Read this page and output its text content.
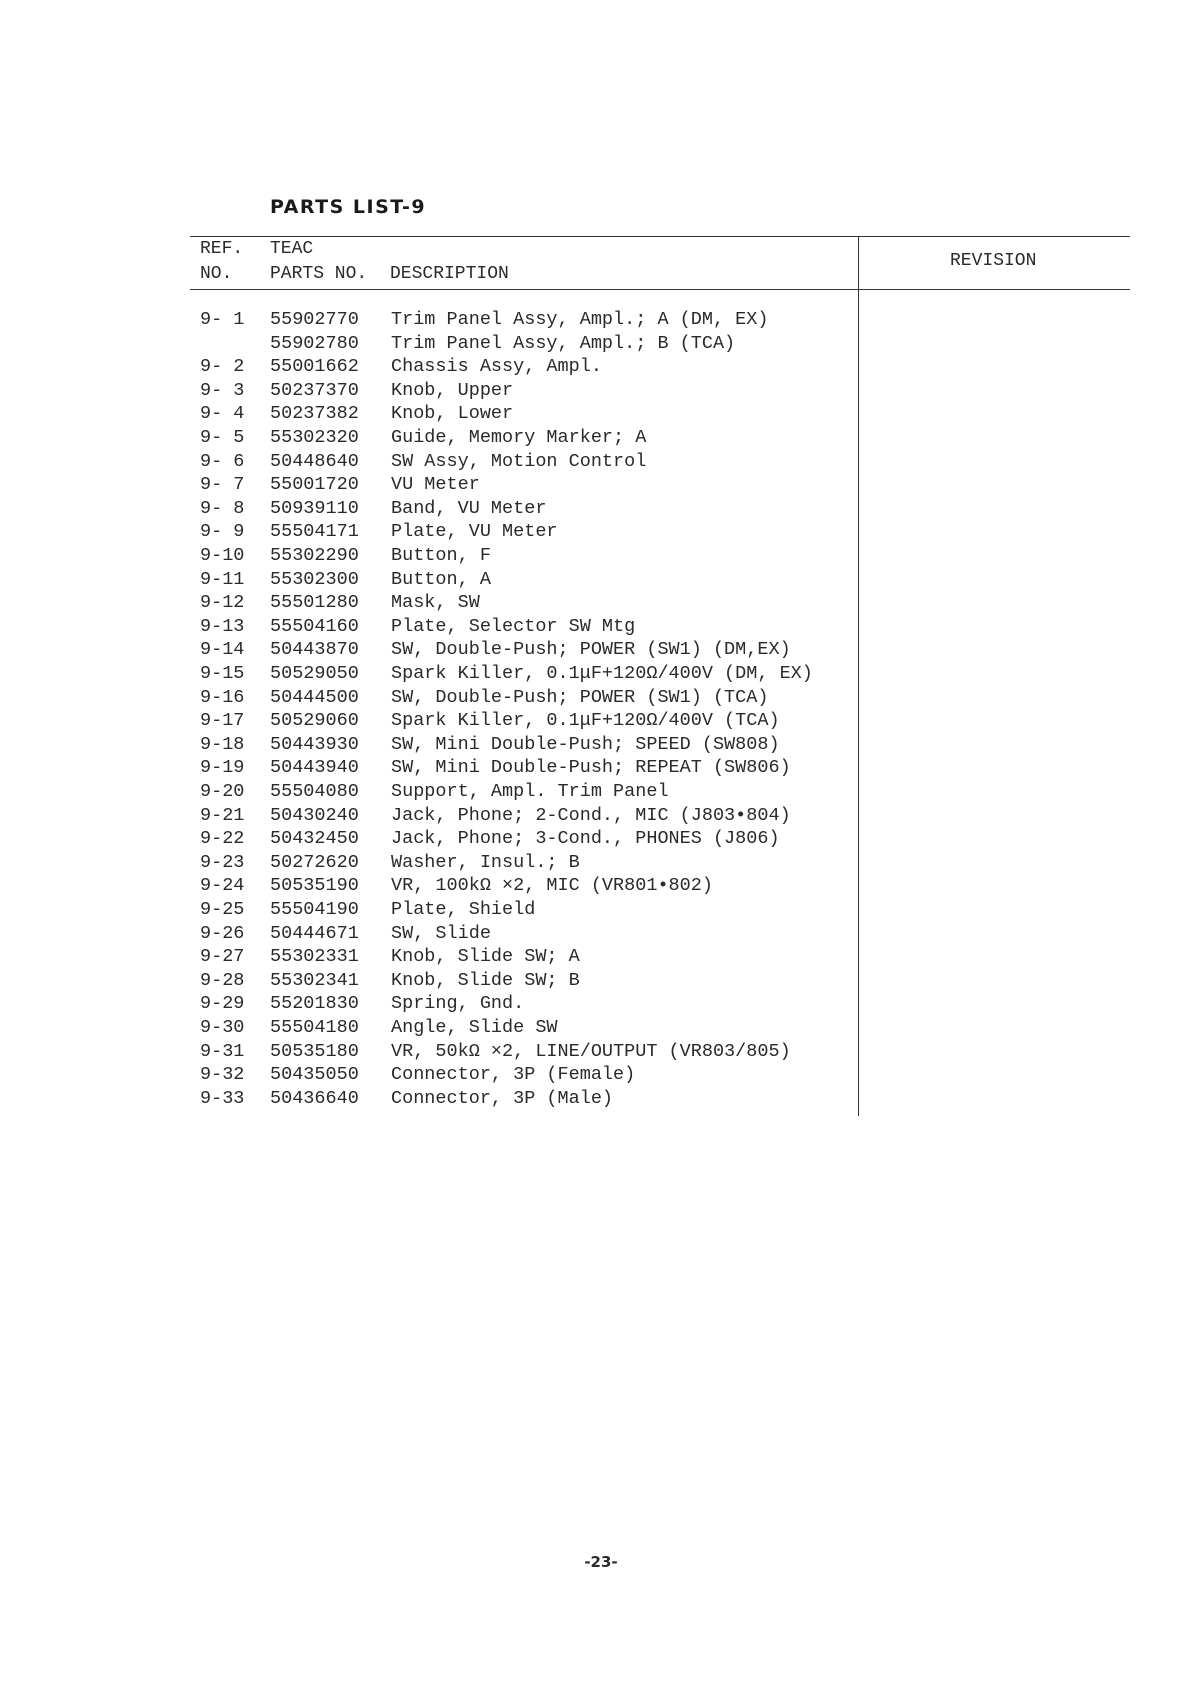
PARTS LIST-9
REF.
NO.
TEAC
PARTS NO. DESCRIPTION
REVISION
9- 1 55902770 Trim Panel Assy, Ampl.; A (DM, EX)
55902780 Trim Panel Assy, Ampl.; B (TCA)
9- 2 55001662 Chassis Assy, Ampl.
9- 3 50237370 Knob, Upper
9- 4 50237382 Knob, Lower
9- 5 55302320 Guide, Memory Marker; A
9- 6 50448640 SW Assy, Motion Control
9- 7 55001720 VU Meter
9- 8 50939110 Band, VU Meter
9- 9 55504171 Plate, VU Meter
9-10 55302290 Button, F
9-11 55302300 Button, A
9-12 55501280 Mask, SW
9-13 55504160 Plate, Selector SW Mtg
9-14 50443870 SW, Double-Push; POWER (SW1) (DM,EX)
9-15 50529050 Spark Killer, 0.1μF+120Ω/400V (DM, EX)
9-16 50444500 SW, Double-Push; POWER (SW1) (TCA)
9-17 50529060 Spark Killer, 0.1μF+120Ω/400V (TCA)
9-18 50443930 SW, Mini Double-Push; SPEED (SW808)
9-19 50443940 SW, Mini Double-Push; REPEAT (SW806)
9-20 55504080 Support, Ampl. Trim Panel
9-21 50430240 Jack, Phone; 2-Cond., MIC (J803•804)
9-22 50432450 Jack, Phone; 3-Cond., PHONES (J806)
9-23 50272620 Washer, Insul.; B
9-24 50535190 VR, 100kΩ ×2, MIC (VR801•802)
9-25 55504190 Plate, Shield
9-26 50444671 SW, Slide
9-27 55302331 Knob, Slide SW; A
9-28 55302341 Knob, Slide SW; B
9-29 55201830 Spring, Gnd.
9-30 55504180 Angle, Slide SW
9-31 50535180 VR, 50kΩ ×2, LINE/OUTPUT (VR803/805)
9-32 50435050 Connector, 3P (Female)
9-33 50436640 Connector, 3P (Male)
-23-
